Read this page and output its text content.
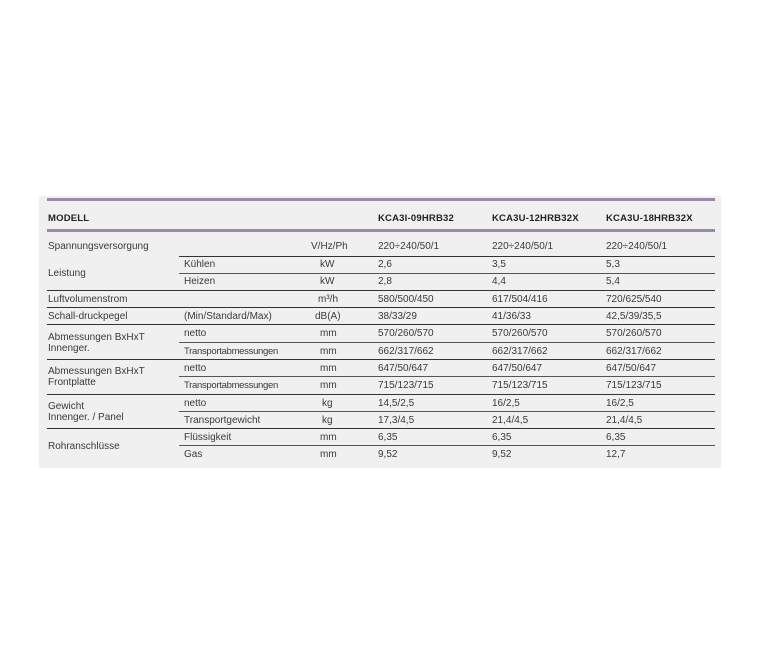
MODELL	KCA3I-09HRB32	KCA3U-12HRB32X	KCA3U-18HRB32X
Spannungsversorgung	V/Hz/Ph	220÷240/50/1	220÷240/50/1	220÷240/50/1
Leistung
Kühlen	kW	2,6	3,5	5,3
Heizen	kW	2,8	4,4	5,4
Luftvolumenstrom	m³/h	580/500/450	617/504/416	720/625/540
Schall-druckpegel	(Min/Standard/Max)	dB(A)	38/33/29	41/36/33	42,5/39/35,5
Abmessungen BxHxT
Innenger.
netto	mm	570/260/570	570/260/570	570/260/570
Transportabmessungen	mm	662/317/662	662/317/662	662/317/662
Abmessungen BxHxT
Frontplatte
netto	mm	647/50/647	647/50/647	647/50/647
Transportabmessungen	mm	715/123/715	715/123/715	715/123/715
Gewicht
Innenger. / Panel
netto	kg	14,5/2,5	16/2,5	16/2,5
Transportgewicht	kg	17,3/4,5	21,4/4,5	21,4/4,5
Rohranschlüsse
Flüssigkeit	mm	6,35	6,35	6,35
Gas	mm	9,52	9,52	12,7
